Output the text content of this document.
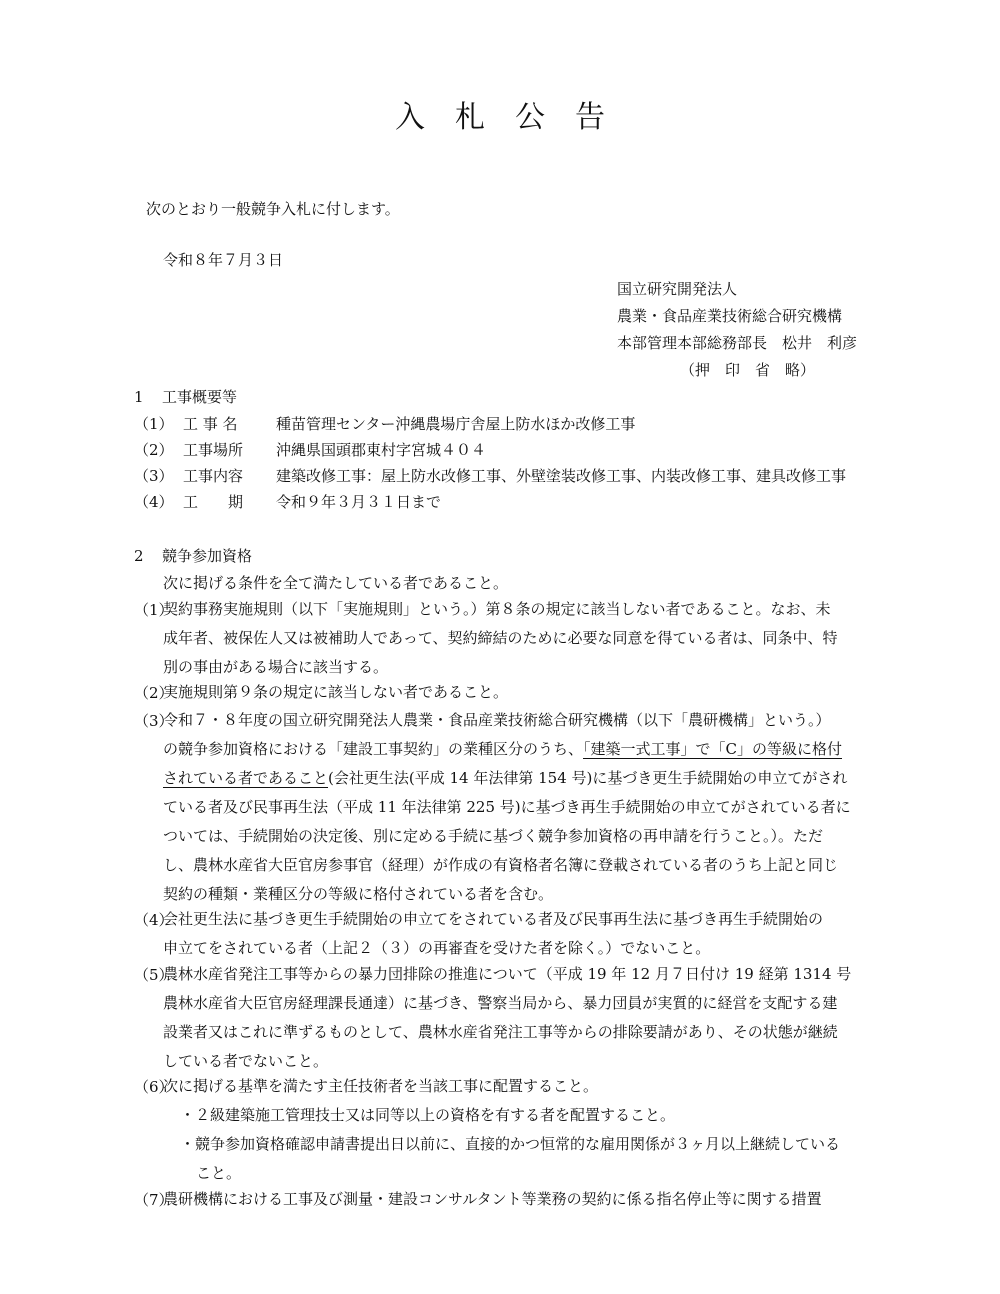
入　札　公　告
次のとおり一般競争入札に付します。
令和８年７月３日
国立研究開発法人
農業・食品産業技術総合研究機構
本部管理本部総務部長　松井　利彦
（押　印　省　略）
1 工事概要等
（1） 工 事 名	種苗管理センター沖縄農場庁舎屋上防水ほか改修工事
（2） 工事場所	沖縄県国頭郡東村字宮城４０４
（3） 工事内容	建築改修工事：屋上防水改修工事、外壁塗装改修工事、内装改修工事、建具改修工事
（4） 工　　期	令和９年３月３１日まで
2 競争参加資格
次に掲げる条件を全て満たしている者であること。
（1）
契約事務実施規則（以下「実施規則」という。）第８条の規定に該当しない者であること。なお、未
成年者、被保佐人又は被補助人であって、契約締結のために必要な同意を得ている者は、同条中、特
別の事由がある場合に該当する。
（2）
実施規則第９条の規定に該当しない者であること。
（3）
令和７・８年度の国立研究開発法人農業・食品産業技術総合研究機構（以下「農研機構」という。）
の競争参加資格における「建設工事契約」の業種区分のうち、「建築一式工事」で「C」の等級に格付
されている者であること(会社更生法(平成 14 年法律第 154 号)に基づき更生手続開始の申立てがされ
ている者及び民事再生法（平成 11 年法律第 225 号)に基づき再生手続開始の申立てがされている者に
ついては、手続開始の決定後、別に定める手続に基づく競争参加資格の再申請を行うこと。）。ただ
し、農林水産省大臣官房参事官（経理）が作成の有資格者名簿に登載されている者のうち上記と同じ
契約の種類・業種区分の等級に格付されている者を含む。
（4）
会社更生法に基づき更生手続開始の申立てをされている者及び民事再生法に基づき再生手続開始の
申立てをされている者（上記２（３）の再審査を受けた者を除く。）でないこと。
（5）
農林水産省発注工事等からの暴力団排除の推進について（平成 19 年 12 月７日付け 19 経第 1314 号
農林水産省大臣官房経理課長通達）に基づき、警察当局から、暴力団員が実質的に経営を支配する建
設業者又はこれに準ずるものとして、農林水産省発注工事等からの排除要請があり、その状態が継続
している者でないこと。
（6）
次に掲げる基準を満たす主任技術者を当該工事に配置すること。
・２級建築施工管理技士又は同等以上の資格を有する者を配置すること。
・競争参加資格確認申請書提出日以前に、直接的かつ恒常的な雇用関係が３ヶ月以上継続している
こと。
（7）
農研機構における工事及び測量・建設コンサルタント等業務の契約に係る指名停止等に関する措置
